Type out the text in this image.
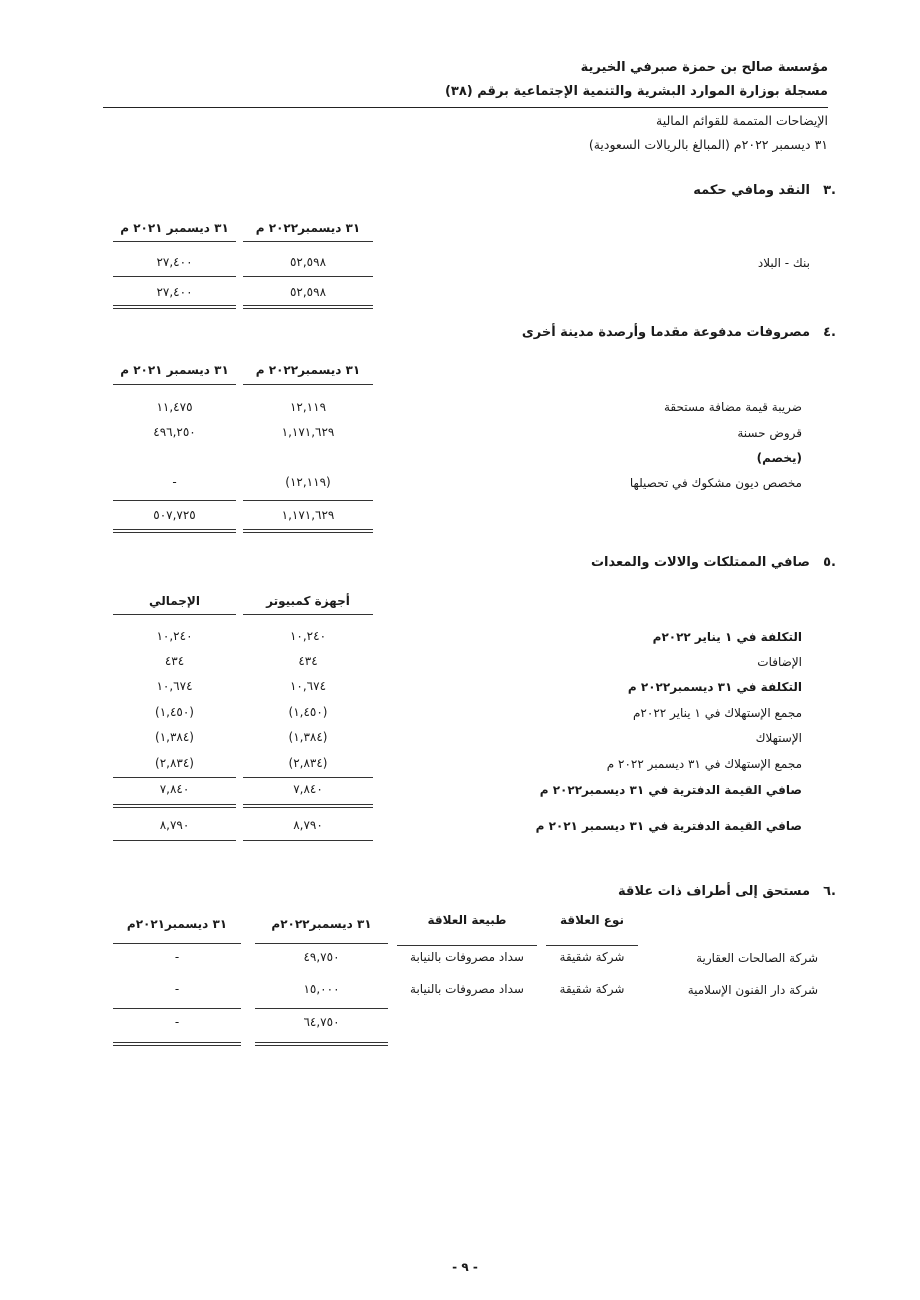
مؤسسة صالح بن حمزة صبرفي الخيرية
مسجلة بوزارة الموارد البشرية والتنمية الإجتماعية برقم (٣٨)
الإيضاحات المتممة للقوائم المالية
٣١ ديسمبر ٢٠٢٢م (المبالغ بالريالات السعودية)
٣.
النقد ومافي حكمه
٣١ ديسمبر٢٠٢٢ م
٣١ ديسمبر ٢٠٢١ م
بنك - البلاد
٥٢,٥٩٨
٢٧,٤٠٠
٥٢,٥٩٨
٢٧,٤٠٠
٤.
مصروفات مدفوعة مقدما وأرصدة مدينة أخرى
٣١ ديسمبر٢٠٢٢ م
٣١ ديسمبر ٢٠٢١ م
ضريبة قيمة مضافة مستحقة
١٢,١١٩
١١,٤٧٥
قروض حسنة
١,١٧١,٦٢٩
٤٩٦,٢٥٠
(يخصم)
مخصص ديون مشكوك في تحصيلها
(١٢,١١٩)
-
١,١٧١,٦٢٩
٥٠٧,٧٢٥
٥.
صافي الممتلكات والالات والمعدات
أجهزة كمبيوتر
الإجمالي
التكلفة في ١ يناير ٢٠٢٢م
١٠,٢٤٠
١٠,٢٤٠
الإضافات
٤٣٤
٤٣٤
التكلفة في ٣١ ديسمبر٢٠٢٢ م
١٠,٦٧٤
١٠,٦٧٤
مجمع الإستهلاك في ١ يناير ٢٠٢٢م
(١,٤٥٠)
(١,٤٥٠)
الإستهلاك
(١,٣٨٤)
(١,٣٨٤)
مجمع الإستهلاك في ٣١ ديسمبر ٢٠٢٢ م
(٢,٨٣٤)
(٢,٨٣٤)
صافي القيمة الدفترية في ٣١ ديسمبر٢٠٢٢ م
٧,٨٤٠
٧,٨٤٠
صافي القيمة الدفترية في ٣١ ديسمبر ٢٠٢١ م
٨,٧٩٠
٨,٧٩٠
٦.
مستحق إلى أطراف ذات علاقة
نوع العلاقة
طبيعة العلاقة
٣١ ديسمبر٢٠٢٢م
٣١ ديسمبر٢٠٢١م
شركة الصالحات العقارية
شركة شقيقة
سداد مصروفات بالنيابة
٤٩,٧٥٠
-
شركة دار الفنون الإسلامية
شركة شقيقة
سداد مصروفات بالنيابة
١٥,٠٠٠
-
٦٤,٧٥٠
-
- ٩ -
